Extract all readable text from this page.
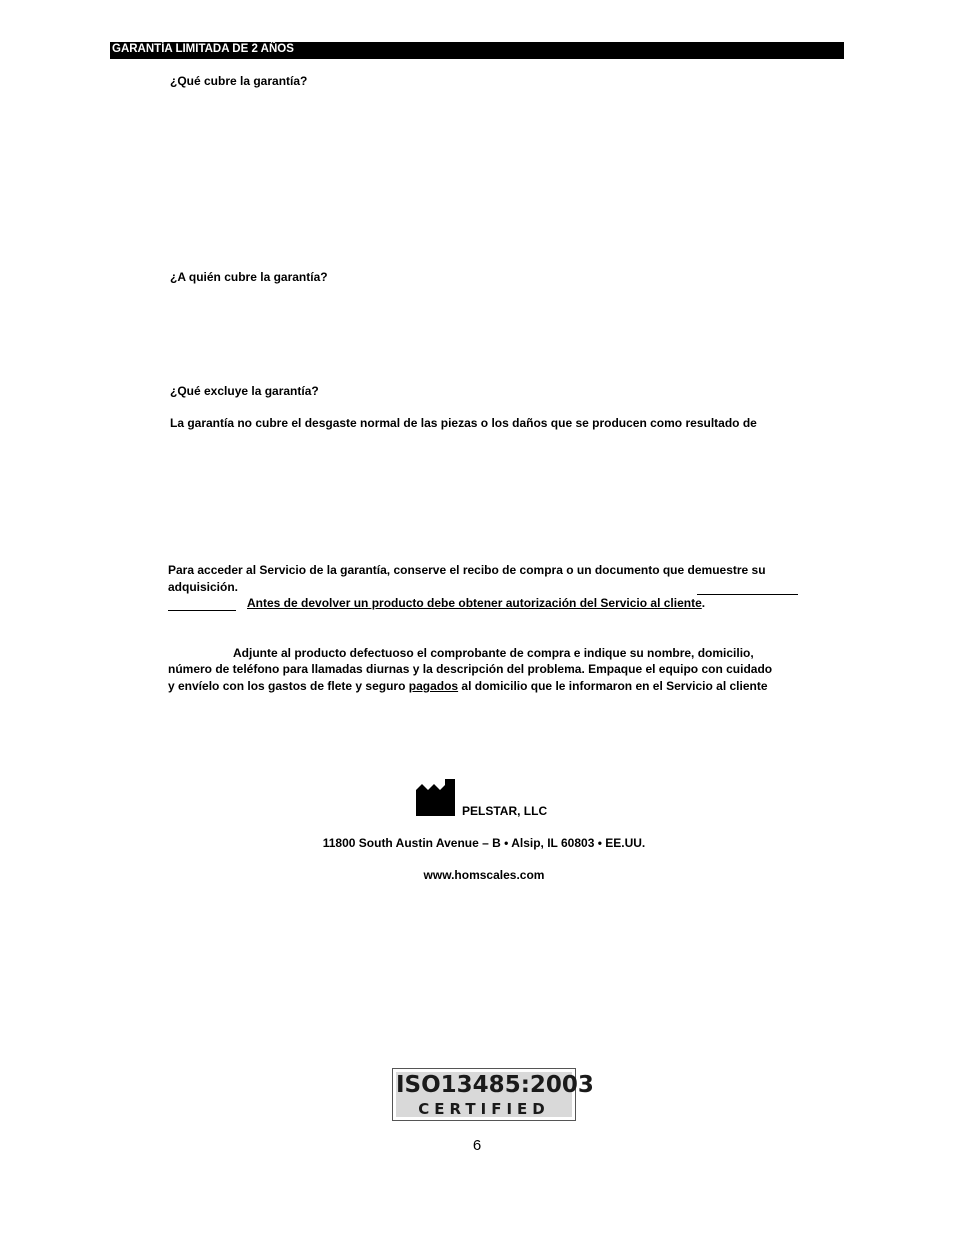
GARANTÍA LIMITADA DE 2 AÑOS
¿Qué cubre la garantía?
¿A quién cubre la garantía?
¿Qué excluye la garantía?
La garantía no cubre el desgaste normal de las piezas o los daños que se producen como resultado de
Para acceder al Servicio de la garantía, conserve el recibo de compra o un documento que demuestre su
adquisición.
Antes de devolver un producto debe obtener autorización del Servicio al cliente.
Adjunte al producto defectuoso el comprobante de compra e indique su nombre, domicilio,
número de teléfono para llamadas diurnas y la descripción del problema. Empaque el equipo con cuidado
y envíelo con los gastos de flete y seguro pagados al domicilio que le informaron en el Servicio al cliente
PELSTAR, LLC
11800 South Austin Avenue – B • Alsip, IL 60803 • EE.UU.
www.homscales.com
ISO13485:2003
CERTIFIED
6
